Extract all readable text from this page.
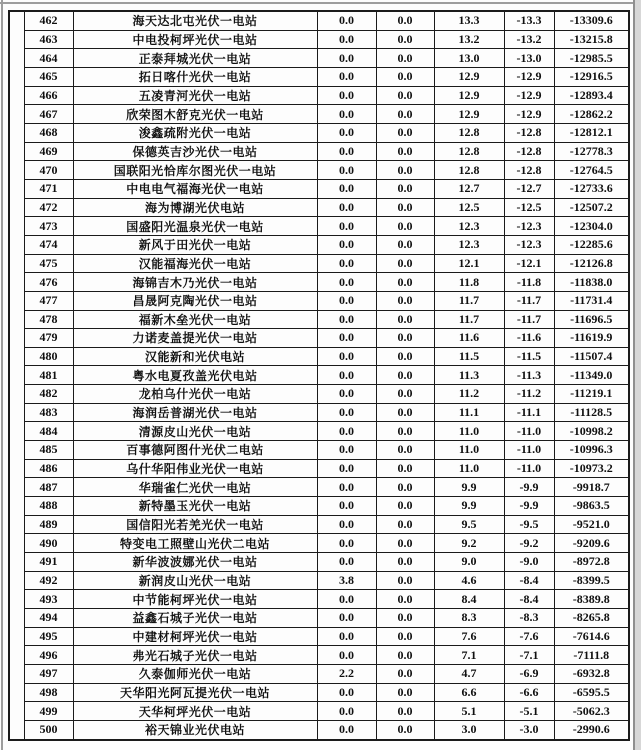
	462	海天达北屯光伏一电站	0.0	0.0	13.3	-13.3	-13309.6
	463	中电投柯坪光伏一电站	0.0	0.0	13.2	-13.2	-13215.8
	464	正泰拜城光伏一电站	0.0	0.0	13.0	-13.0	-12985.5
	465	拓日喀什光伏一电站	0.0	0.0	12.9	-12.9	-12916.5
	466	五凌青河光伏一电站	0.0	0.0	12.9	-12.9	-12893.4
	467	欣荣图木舒克光伏一电站	0.0	0.0	12.9	-12.9	-12862.2
	468	浚鑫疏附光伏一电站	0.0	0.0	12.8	-12.8	-12812.1
	469	保德英吉沙光伏一电站	0.0	0.0	12.8	-12.8	-12778.3
	470	国联阳光恰库尔图光伏一电站	0.0	0.0	12.8	-12.8	-12764.5
	471	中电电气福海光伏一电站	0.0	0.0	12.7	-12.7	-12733.6
	472	海为博湖光伏电站	0.0	0.0	12.5	-12.5	-12507.2
	473	国盛阳光温泉光伏一电站	0.0	0.0	12.3	-12.3	-12304.0
	474	新风于田光伏一电站	0.0	0.0	12.3	-12.3	-12285.6
	475	汉能福海光伏一电站	0.0	0.0	12.1	-12.1	-12126.8
	476	海锦吉木乃光伏一电站	0.0	0.0	11.8	-11.8	-11838.0
	477	昌晟阿克陶光伏一电站	0.0	0.0	11.7	-11.7	-11731.4
	478	福新木垒光伏一电站	0.0	0.0	11.7	-11.7	-11696.5
	479	力诺麦盖提光伏一电站	0.0	0.0	11.6	-11.6	-11619.9
	480	汉能新和光伏电站	0.0	0.0	11.5	-11.5	-11507.4
	481	粤水电夏孜盖光伏电站	0.0	0.0	11.3	-11.3	-11349.0
	482	龙柏乌什光伏一电站	0.0	0.0	11.2	-11.2	-11219.1
	483	海润岳普湖光伏一电站	0.0	0.0	11.1	-11.1	-11128.5
	484	清源皮山光伏一电站	0.0	0.0	11.0	-11.0	-10998.2
	485	百事德阿图什光伏二电站	0.0	0.0	11.0	-11.0	-10996.3
	486	乌什华阳伟业光伏一电站	0.0	0.0	11.0	-11.0	-10973.2
	487	华瑞雀仁光伏一电站	0.0	0.0	9.9	-9.9	-9918.7
	488	新特墨玉光伏一电站	0.0	0.0	9.9	-9.9	-9863.5
	489	国信阳光若羌光伏一电站	0.0	0.0	9.5	-9.5	-9521.0
	490	特变电工照壁山光伏二电站	0.0	0.0	9.2	-9.2	-9209.6
	491	新华波波娜光伏一电站	0.0	0.0	9.0	-9.0	-8972.8
	492	新润皮山光伏一电站	3.8	0.0	4.6	-8.4	-8399.5
	493	中节能柯坪光伏一电站	0.0	0.0	8.4	-8.4	-8389.8
	494	益鑫石城子光伏一电站	0.0	0.0	8.3	-8.3	-8265.8
	495	中建材柯坪光伏一电站	0.0	0.0	7.6	-7.6	-7614.6
	496	弗光石城子光伏一电站	0.0	0.0	7.1	-7.1	-7111.8
	497	久泰伽师光伏一电站	2.2	0.0	4.7	-6.9	-6932.8
	498	天华阳光阿瓦提光伏一电站	0.0	0.0	6.6	-6.6	-6595.5
	499	天华柯坪光伏一电站	0.0	0.0	5.1	-5.1	-5062.3
	500	裕天锦业光伏电站	0.0	0.0	3.0	-3.0	-2990.6
